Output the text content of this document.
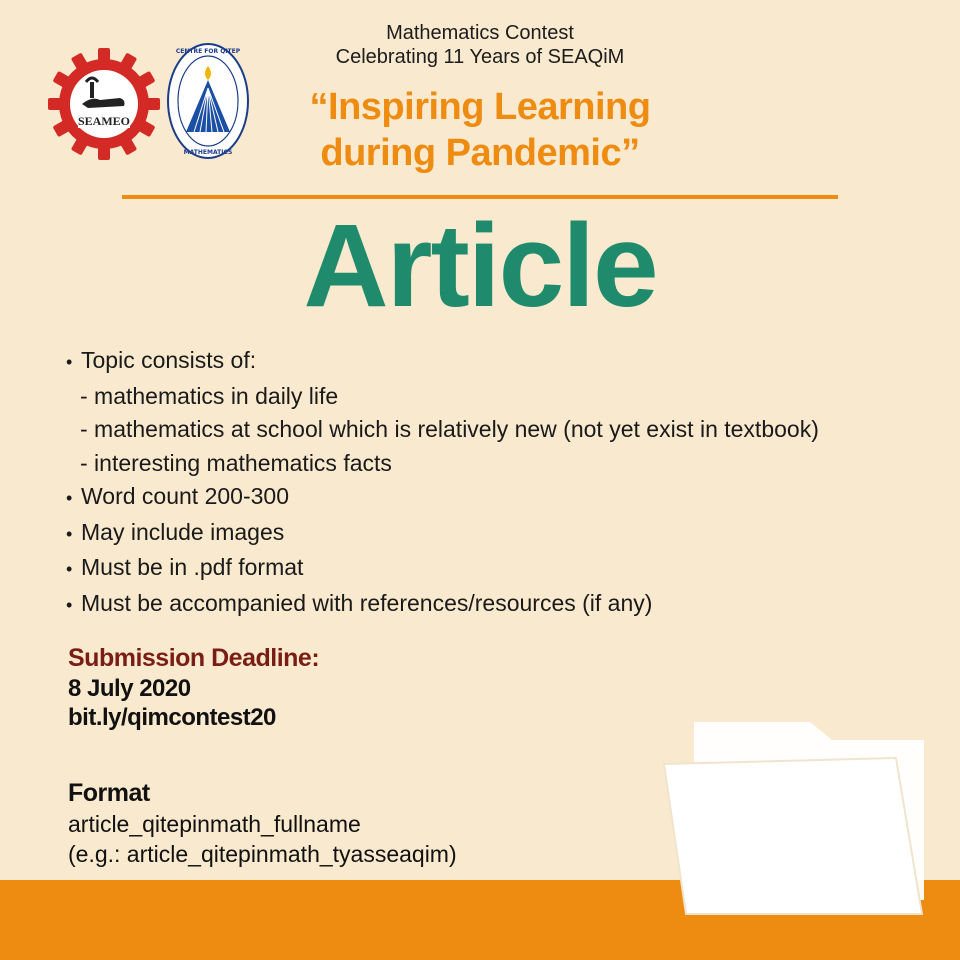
SEAMEO
CENTRE FOR QITEP
MATHEMATICS
Mathematics Contest
Celebrating 11 Years of SEAQiM
“Inspiring Learning
during Pandemic”
Article
• Topic consists of:
- mathematics in daily life
- mathematics at school which is relatively new (not yet exist in textbook)
- interesting mathematics facts
• Word count 200-300
• May include images
• Must be in .pdf format
• Must be accompanied with references/resources (if any)
Submission Deadline:
8 July 2020
bit.ly/qimcontest20
Format
article_qitepinmath_fullname
(e.g.: article_qitepinmath_tyasseaqim)
